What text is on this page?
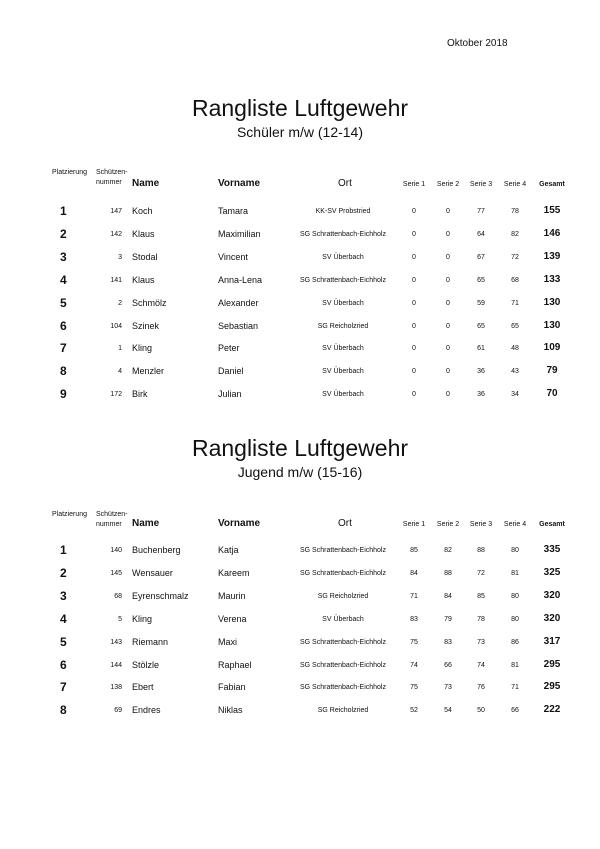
Oktober 2018
Rangliste Luftgewehr
Schüler m/w (12-14)
Platzierung Schützen-
nummer Name	Vorname	Ort	Serie 1 Serie 2 Serie 3 Serie 4	Gesamt
1	147 Koch	Tamara	KK-SV Probstried	0	0	77	78	155
2	142 Klaus	Maximilian	SG Schrattenbach-Eichholz	0	0	64	82	146
3	3 Stodal	Vincent	SV Überbach	0	0	67	72	139
4	141 Klaus	Anna-Lena	SG Schrattenbach-Eichholz	0	0	65	68	133
5	2 Schmölz	Alexander	SV Überbach	0	0	59	71	130
6	104 Szinek	Sebastian	SG Reicholzried	0	0	65	65	130
7	1 Kling	Peter	SV Überbach	0	0	61	48	109
8	4 Menzler	Daniel	SV Überbach	0	0	36	43	79
9	172 Birk	Julian	SV Überbach	0	0	36	34	70
Rangliste Luftgewehr
Jugend m/w (15-16)
Platzierung Schützen-
nummer Name	Vorname	Ort	Serie 1 Serie 2 Serie 3 Serie 4	Gesamt
1	140 Buchenberg	Katja	SG Schrattenbach-Eichholz	85	82	88	80	335
2	145 Wensauer	Kareem	SG Schrattenbach-Eichholz	84	88	72	81	325
3	68 Eyrenschmalz	Maurin	SG Reicholzried	71	84	85	80	320
4	5 Kling	Verena	SV Überbach	83	79	78	80	320
5	143 Riemann	Maxi	SG Schrattenbach-Eichholz	75	83	73	86	317
6	144 Stölzle	Raphael	SG Schrattenbach-Eichholz	74	66	74	81	295
7	138 Ebert	Fabian	SG Schrattenbach-Eichholz	75	73	76	71	295
8	69 Endres	Niklas	SG Reicholzried	52	54	50	66	222
